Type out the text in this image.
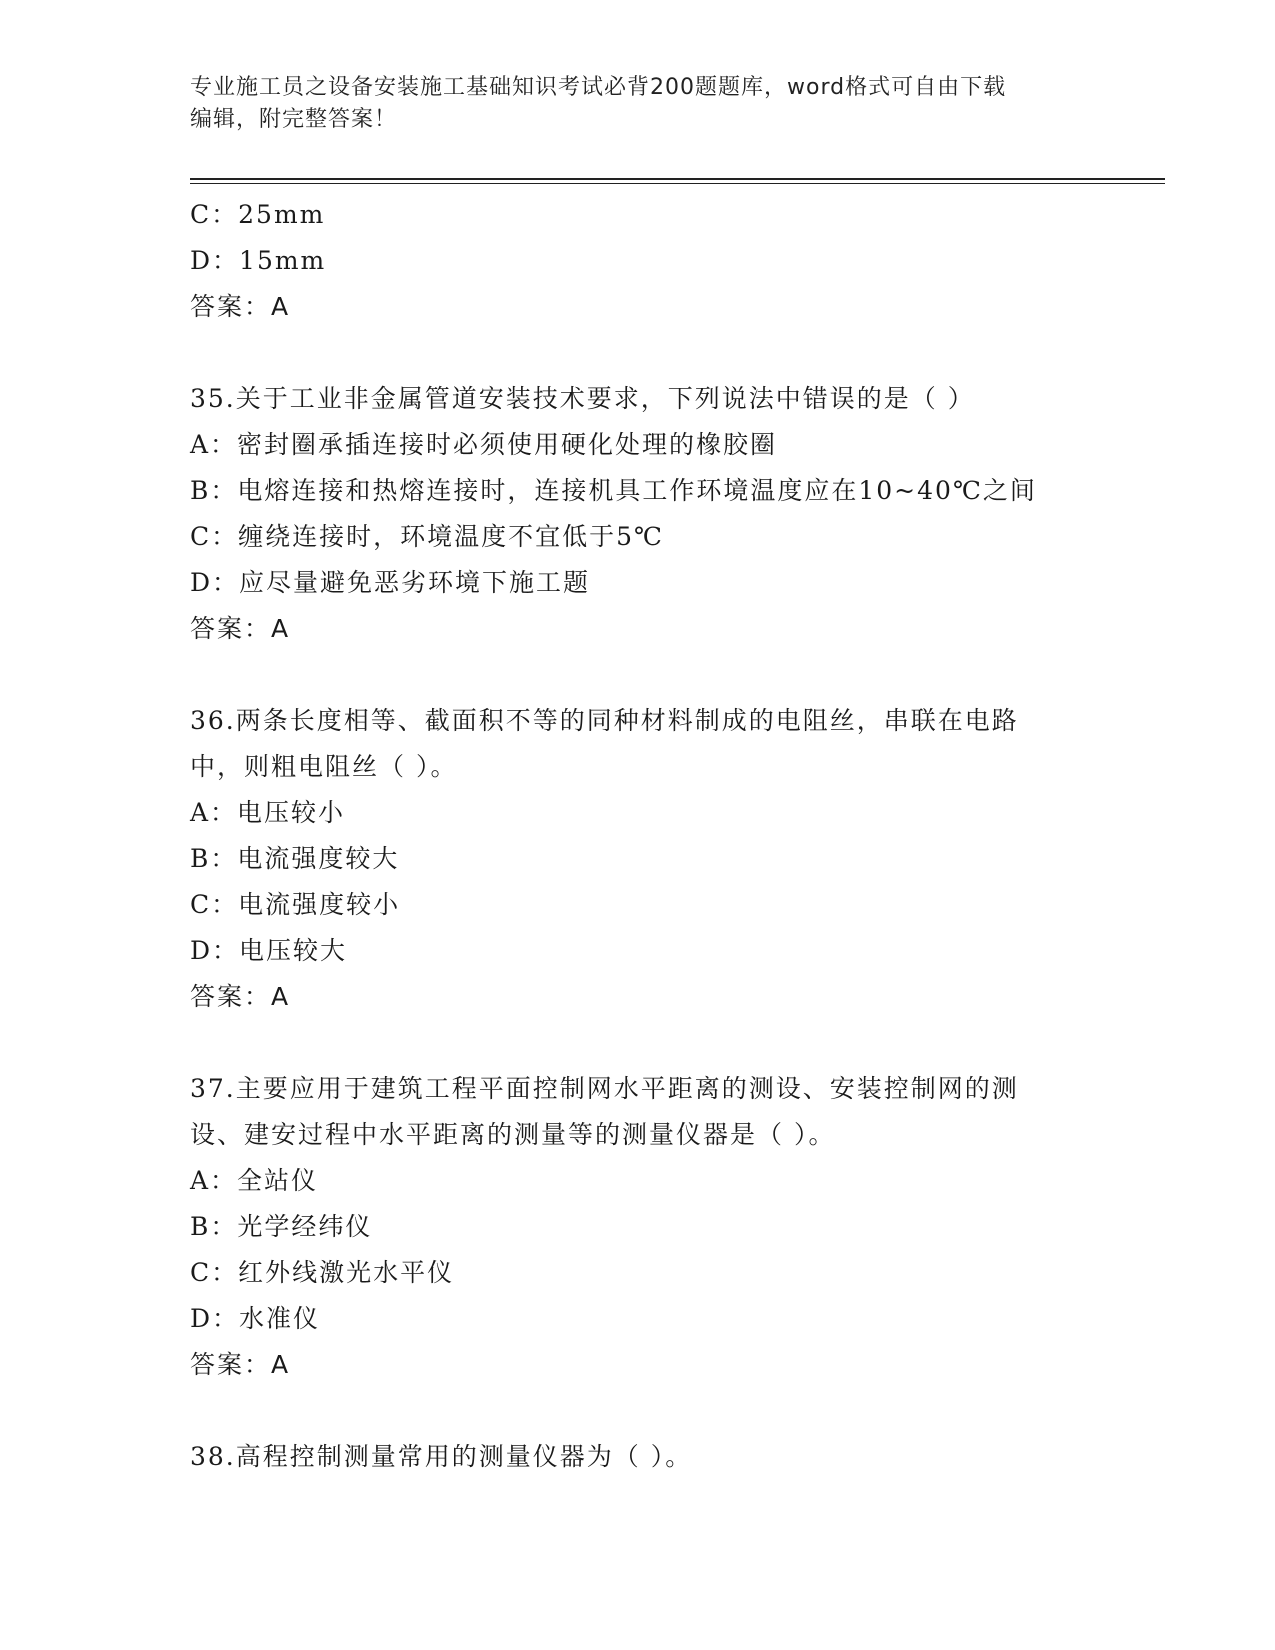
专业施工员之设备安装施工基础知识考试必背200题题库，word格式可自由下载
编辑，附完整答案！
C：25mm
D：15mm
答案：A
35.关于工业非金属管道安装技术要求，下列说法中错误的是（ ）
A：密封圈承插连接时必须使用硬化处理的橡胶圈
B：电熔连接和热熔连接时，连接机具工作环境温度应在10~40℃之间
C：缠绕连接时，环境温度不宜低于5℃
D：应尽量避免恶劣环境下施工题
答案：A
36.两条长度相等、截面积不等的同种材料制成的电阻丝，串联在电路
中，则粗电阻丝（ ）。
A：电压较小
B：电流强度较大
C：电流强度较小
D：电压较大
答案：A
37.主要应用于建筑工程平面控制网水平距离的测设、安装控制网的测
设、建安过程中水平距离的测量等的测量仪器是（ ）。
A：全站仪
B：光学经纬仪
C：红外线激光水平仪
D：水准仪
答案：A
38.高程控制测量常用的测量仪器为（ ）。
